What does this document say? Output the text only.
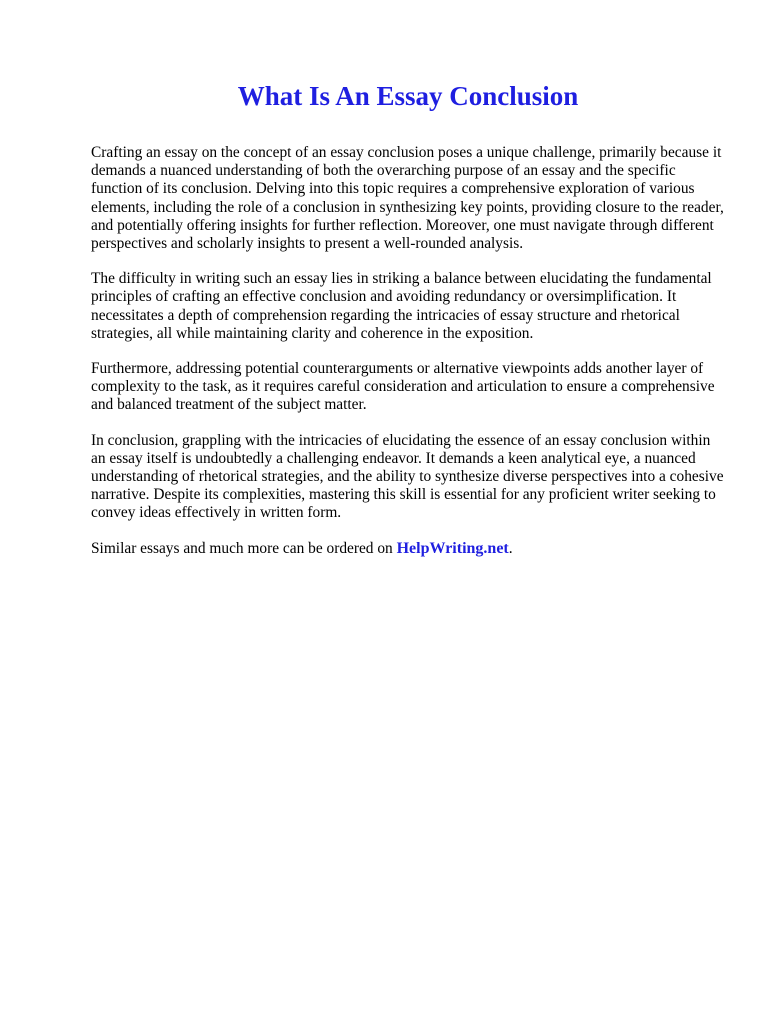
What Is An Essay Conclusion

Crafting an essay on the concept of an essay conclusion poses a unique challenge, primarily because it demands a nuanced understanding of both the overarching purpose of an essay and the specific function of its conclusion. Delving into this topic requires a comprehensive exploration of various elements, including the role of a conclusion in synthesizing key points, providing closure to the reader, and potentially offering insights for further reflection. Moreover, one must navigate through different perspectives and scholarly insights to present a well-rounded analysis.

The difficulty in writing such an essay lies in striking a balance between elucidating the fundamental principles of crafting an effective conclusion and avoiding redundancy or oversimplification. It necessitates a depth of comprehension regarding the intricacies of essay structure and rhetorical strategies, all while maintaining clarity and coherence in the exposition.

Furthermore, addressing potential counterarguments or alternative viewpoints adds another layer of complexity to the task, as it requires careful consideration and articulation to ensure a comprehensive and balanced treatment of the subject matter.

In conclusion, grappling with the intricacies of elucidating the essence of an essay conclusion within an essay itself is undoubtedly a challenging endeavor. It demands a keen analytical eye, a nuanced understanding of rhetorical strategies, and the ability to synthesize diverse perspectives into a cohesive narrative. Despite its complexities, mastering this skill is essential for any proficient writer seeking to convey ideas effectively in written form.

Similar essays and much more can be ordered on HelpWriting.net.
